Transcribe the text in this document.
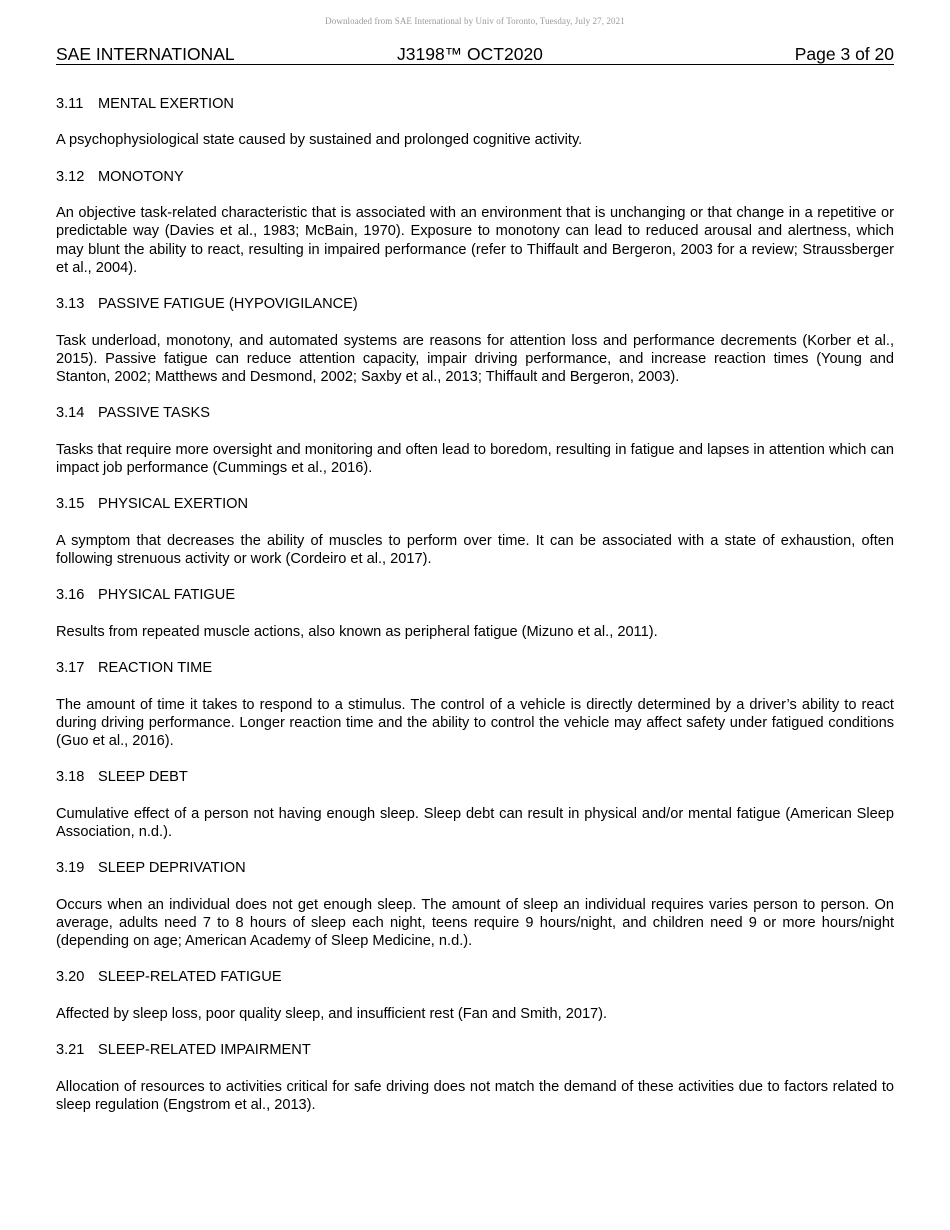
Downloaded from SAE International by Univ of Toronto, Tuesday, July 27, 2021
SAE INTERNATIONAL	J3198™ OCT2020	Page 3 of 20

3.11 MENTAL EXERTION

A psychophysiological state caused by sustained and prolonged cognitive activity.

3.12 MONOTONY

An objective task-related characteristic that is associated with an environment that is unchanging or that change in a repetitive or predictable way (Davies et al., 1983; McBain, 1970). Exposure to monotony can lead to reduced arousal and alertness, which may blunt the ability to react, resulting in impaired performance (refer to Thiffault and Bergeron, 2003 for a review; Straussberger et al., 2004).

3.13 PASSIVE FATIGUE (HYPOVIGILANCE)

Task underload, monotony, and automated systems are reasons for attention loss and performance decrements (Korber et al., 2015). Passive fatigue can reduce attention capacity, impair driving performance, and increase reaction times (Young and Stanton, 2002; Matthews and Desmond, 2002; Saxby et al., 2013; Thiffault and Bergeron, 2003).

3.14 PASSIVE TASKS

Tasks that require more oversight and monitoring and often lead to boredom, resulting in fatigue and lapses in attention which can impact job performance (Cummings et al., 2016).

3.15 PHYSICAL EXERTION

A symptom that decreases the ability of muscles to perform over time. It can be associated with a state of exhaustion, often following strenuous activity or work (Cordeiro et al., 2017).

3.16 PHYSICAL FATIGUE

Results from repeated muscle actions, also known as peripheral fatigue (Mizuno et al., 2011).

3.17 REACTION TIME

The amount of time it takes to respond to a stimulus. The control of a vehicle is directly determined by a driver’s ability to react during driving performance. Longer reaction time and the ability to control the vehicle may affect safety under fatigued conditions (Guo et al., 2016).

3.18 SLEEP DEBT

Cumulative effect of a person not having enough sleep. Sleep debt can result in physical and/or mental fatigue (American Sleep Association, n.d.).

3.19 SLEEP DEPRIVATION

Occurs when an individual does not get enough sleep. The amount of sleep an individual requires varies person to person. On average, adults need 7 to 8 hours of sleep each night, teens require 9 hours/night, and children need 9 or more hours/night (depending on age; American Academy of Sleep Medicine, n.d.).

3.20 SLEEP-RELATED FATIGUE

Affected by sleep loss, poor quality sleep, and insufficient rest (Fan and Smith, 2017).

3.21 SLEEP-RELATED IMPAIRMENT

Allocation of resources to activities critical for safe driving does not match the demand of these activities due to factors related to sleep regulation (Engstrom et al., 2013).
